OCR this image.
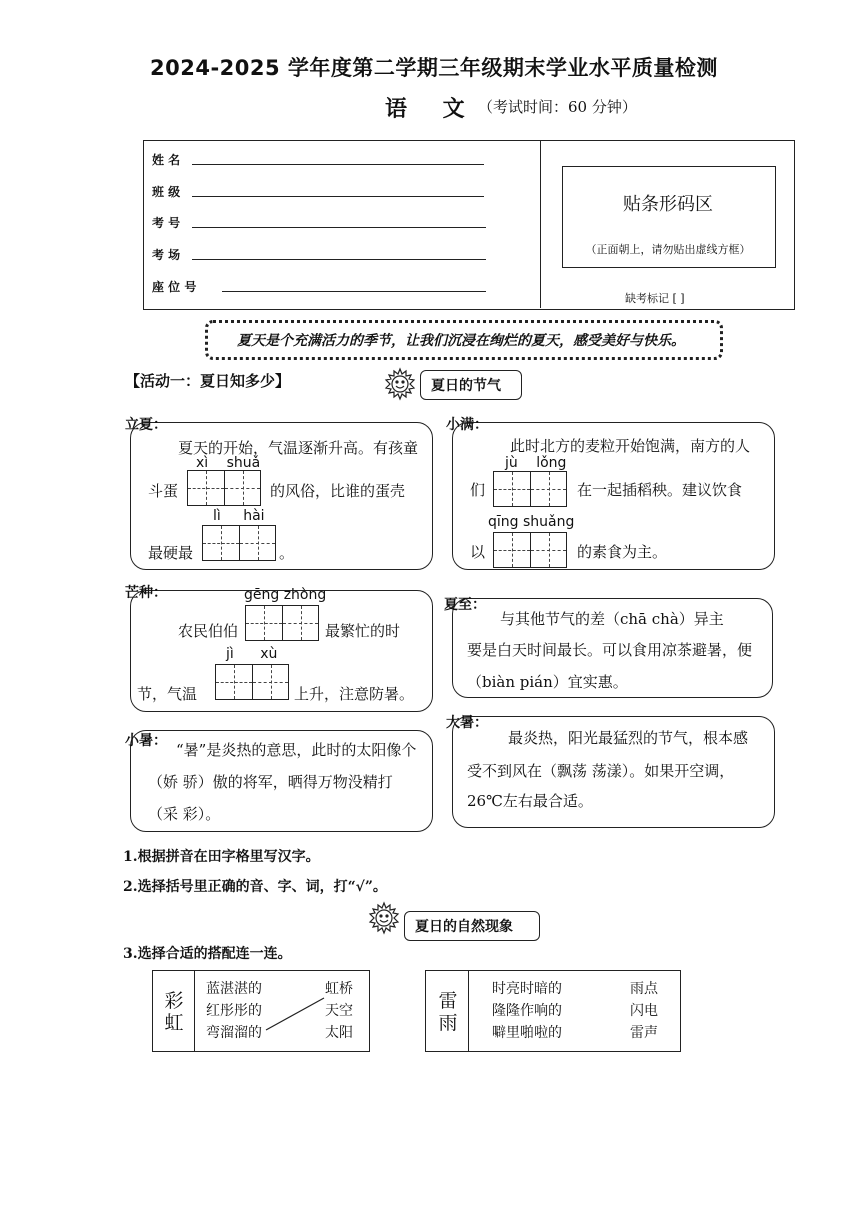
2024-2025 学年度第二学期三年级期末学业水平质量检测
语 文 （考试时间：60 分钟）
姓 名
班 级
考 号
考 场
座 位 号
贴条形码区
（正面朝上，请勿贴出虚线方框）
缺考标记 [ ]
夏天是个充满活力的季节，让我们沉浸在绚烂的夏天，感受美好与快乐。
【活动一：夏日知多少】	夏日的节气
立夏：
夏天的开始，气温逐渐升高。有孩童
xì shuǎ
斗蛋	的风俗，比谁的蛋壳
lì hài
最硬最	。
小满：
此时北方的麦粒开始饱满，南方的人
jù lǒng
们	在一起插稻秧。建议饮食
qīng shuǎng
以	的素食为主。
芒种：	gēng zhòng
农民伯伯	最繁忙的时
jì xù
节，气温	上升，注意防暑。
夏至：
与其他节气的差（chā chà）异主
要是白天时间最长。可以食用凉茶避暑，便
（biàn pián）宜实惠。
小暑： “暑”是炎热的意思，此时的太阳像个
（娇 骄）傲的将军，晒得万物没精打
（采 彩）。
大暑：
最炎热，阳光最猛烈的节气，根本感
受不到风在（飘荡 荡漾）。如果开空调，
26℃左右最合适。
1.根据拼音在田字格里写汉字。
2.选择括号里正确的音、字、词，打“√”。
夏日的自然现象
3.选择合适的搭配连一连。
彩虹
蓝湛湛的
红彤彤的
弯溜溜的
虹桥
天空
太阳
雷雨
时亮时暗的
隆隆作响的
噼里啪啦的
雨点
闪电
雷声
